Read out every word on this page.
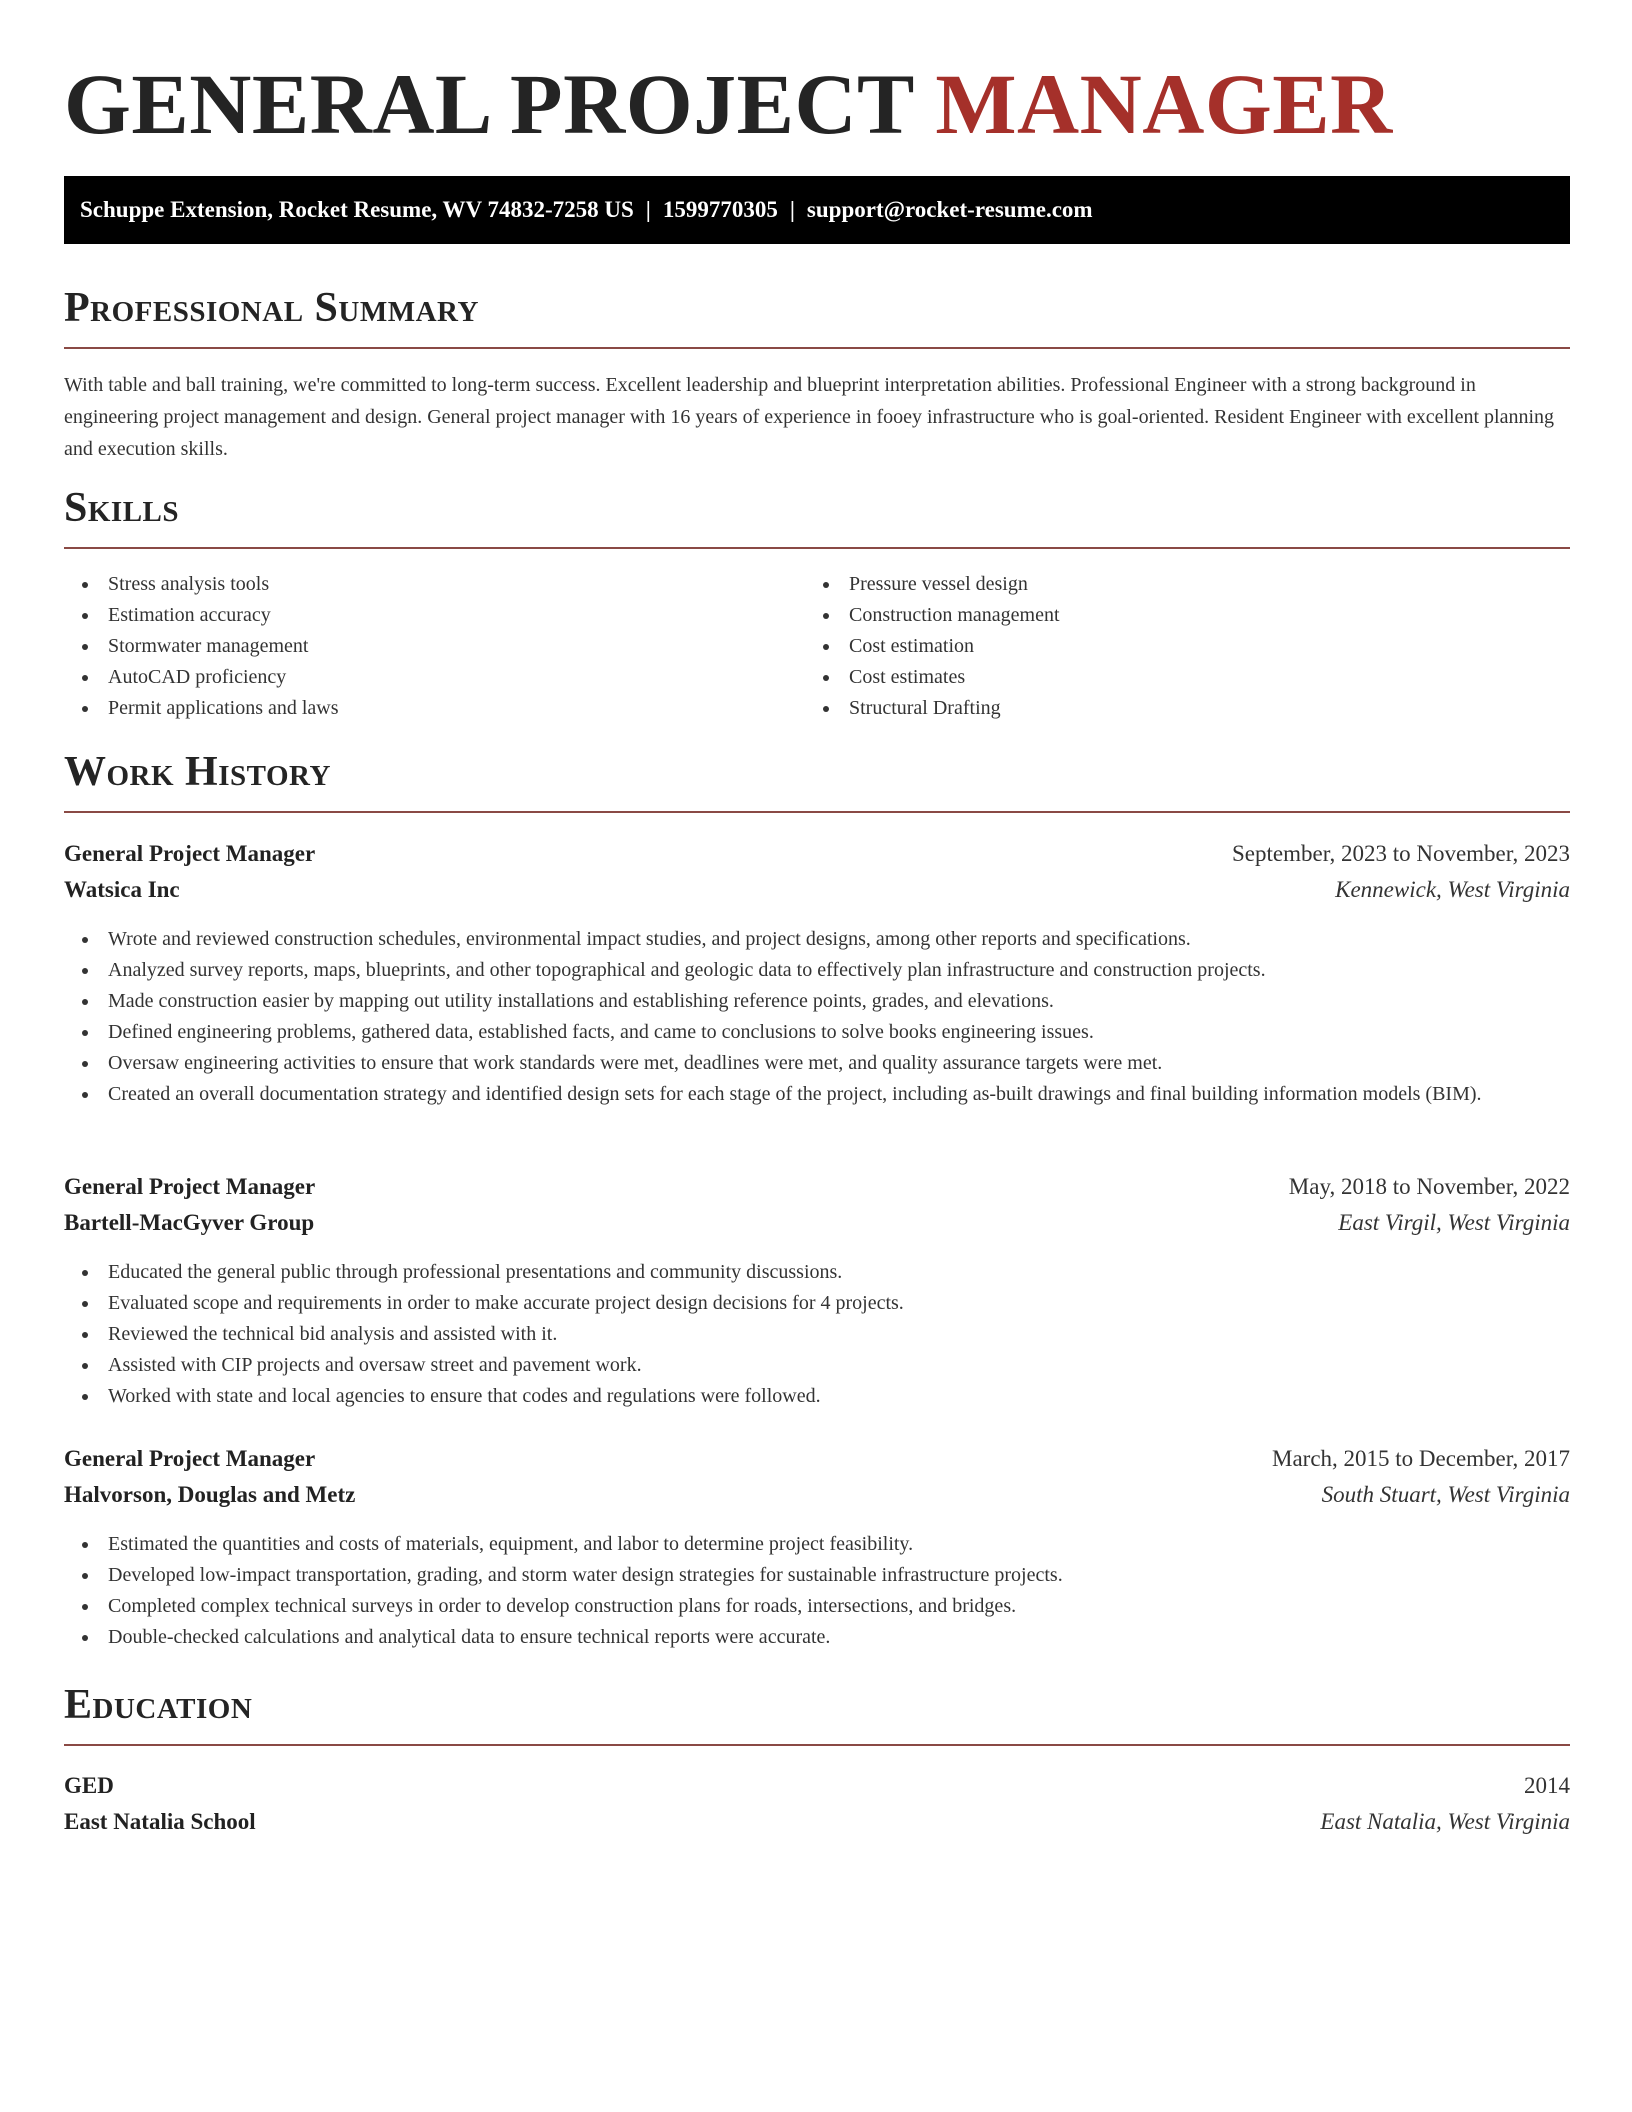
GENERAL PROJECT MANAGER
Schuppe Extension, Rocket Resume, WV 74832-7258 US | 1599770305 | support@rocket-resume.com
Professional Summary

With table and ball training, we're committed to long-term success. Excellent leadership and blueprint interpretation abilities. Professional Engineer with a strong background in engineering project management and design. General project manager with 16 years of experience in fooey infrastructure who is goal-oriented. Resident Engineer with excellent planning and execution skills.

Skills
Stress analysis tools
Estimation accuracy
Stormwater management
AutoCAD proficiency
Permit applications and laws
Pressure vessel design
Construction management
Cost estimation
Cost estimates
Structural Drafting
Work History
General Project Manager	September, 2023 to November, 2023
Watsica Inc	Kennewick, West Virginia
Wrote and reviewed construction schedules, environmental impact studies, and project designs, among other reports and specifications.
Analyzed survey reports, maps, blueprints, and other topographical and geologic data to effectively plan infrastructure and construction projects.
Made construction easier by mapping out utility installations and establishing reference points, grades, and elevations.
Defined engineering problems, gathered data, established facts, and came to conclusions to solve books engineering issues.
Oversaw engineering activities to ensure that work standards were met, deadlines were met, and quality assurance targets were met.
Created an overall documentation strategy and identified design sets for each stage of the project, including as-built drawings and final building information models (BIM).
General Project Manager	May, 2018 to November, 2022
Bartell-MacGyver Group	East Virgil, West Virginia
Educated the general public through professional presentations and community discussions.
Evaluated scope and requirements in order to make accurate project design decisions for 4 projects.
Reviewed the technical bid analysis and assisted with it.
Assisted with CIP projects and oversaw street and pavement work.
Worked with state and local agencies to ensure that codes and regulations were followed.
General Project Manager	March, 2015 to December, 2017
Halvorson, Douglas and Metz	South Stuart, West Virginia
Estimated the quantities and costs of materials, equipment, and labor to determine project feasibility.
Developed low-impact transportation, grading, and storm water design strategies for sustainable infrastructure projects.
Completed complex technical surveys in order to develop construction plans for roads, intersections, and bridges.
Double-checked calculations and analytical data to ensure technical reports were accurate.
Education
GED	2014
East Natalia School	East Natalia, West Virginia
